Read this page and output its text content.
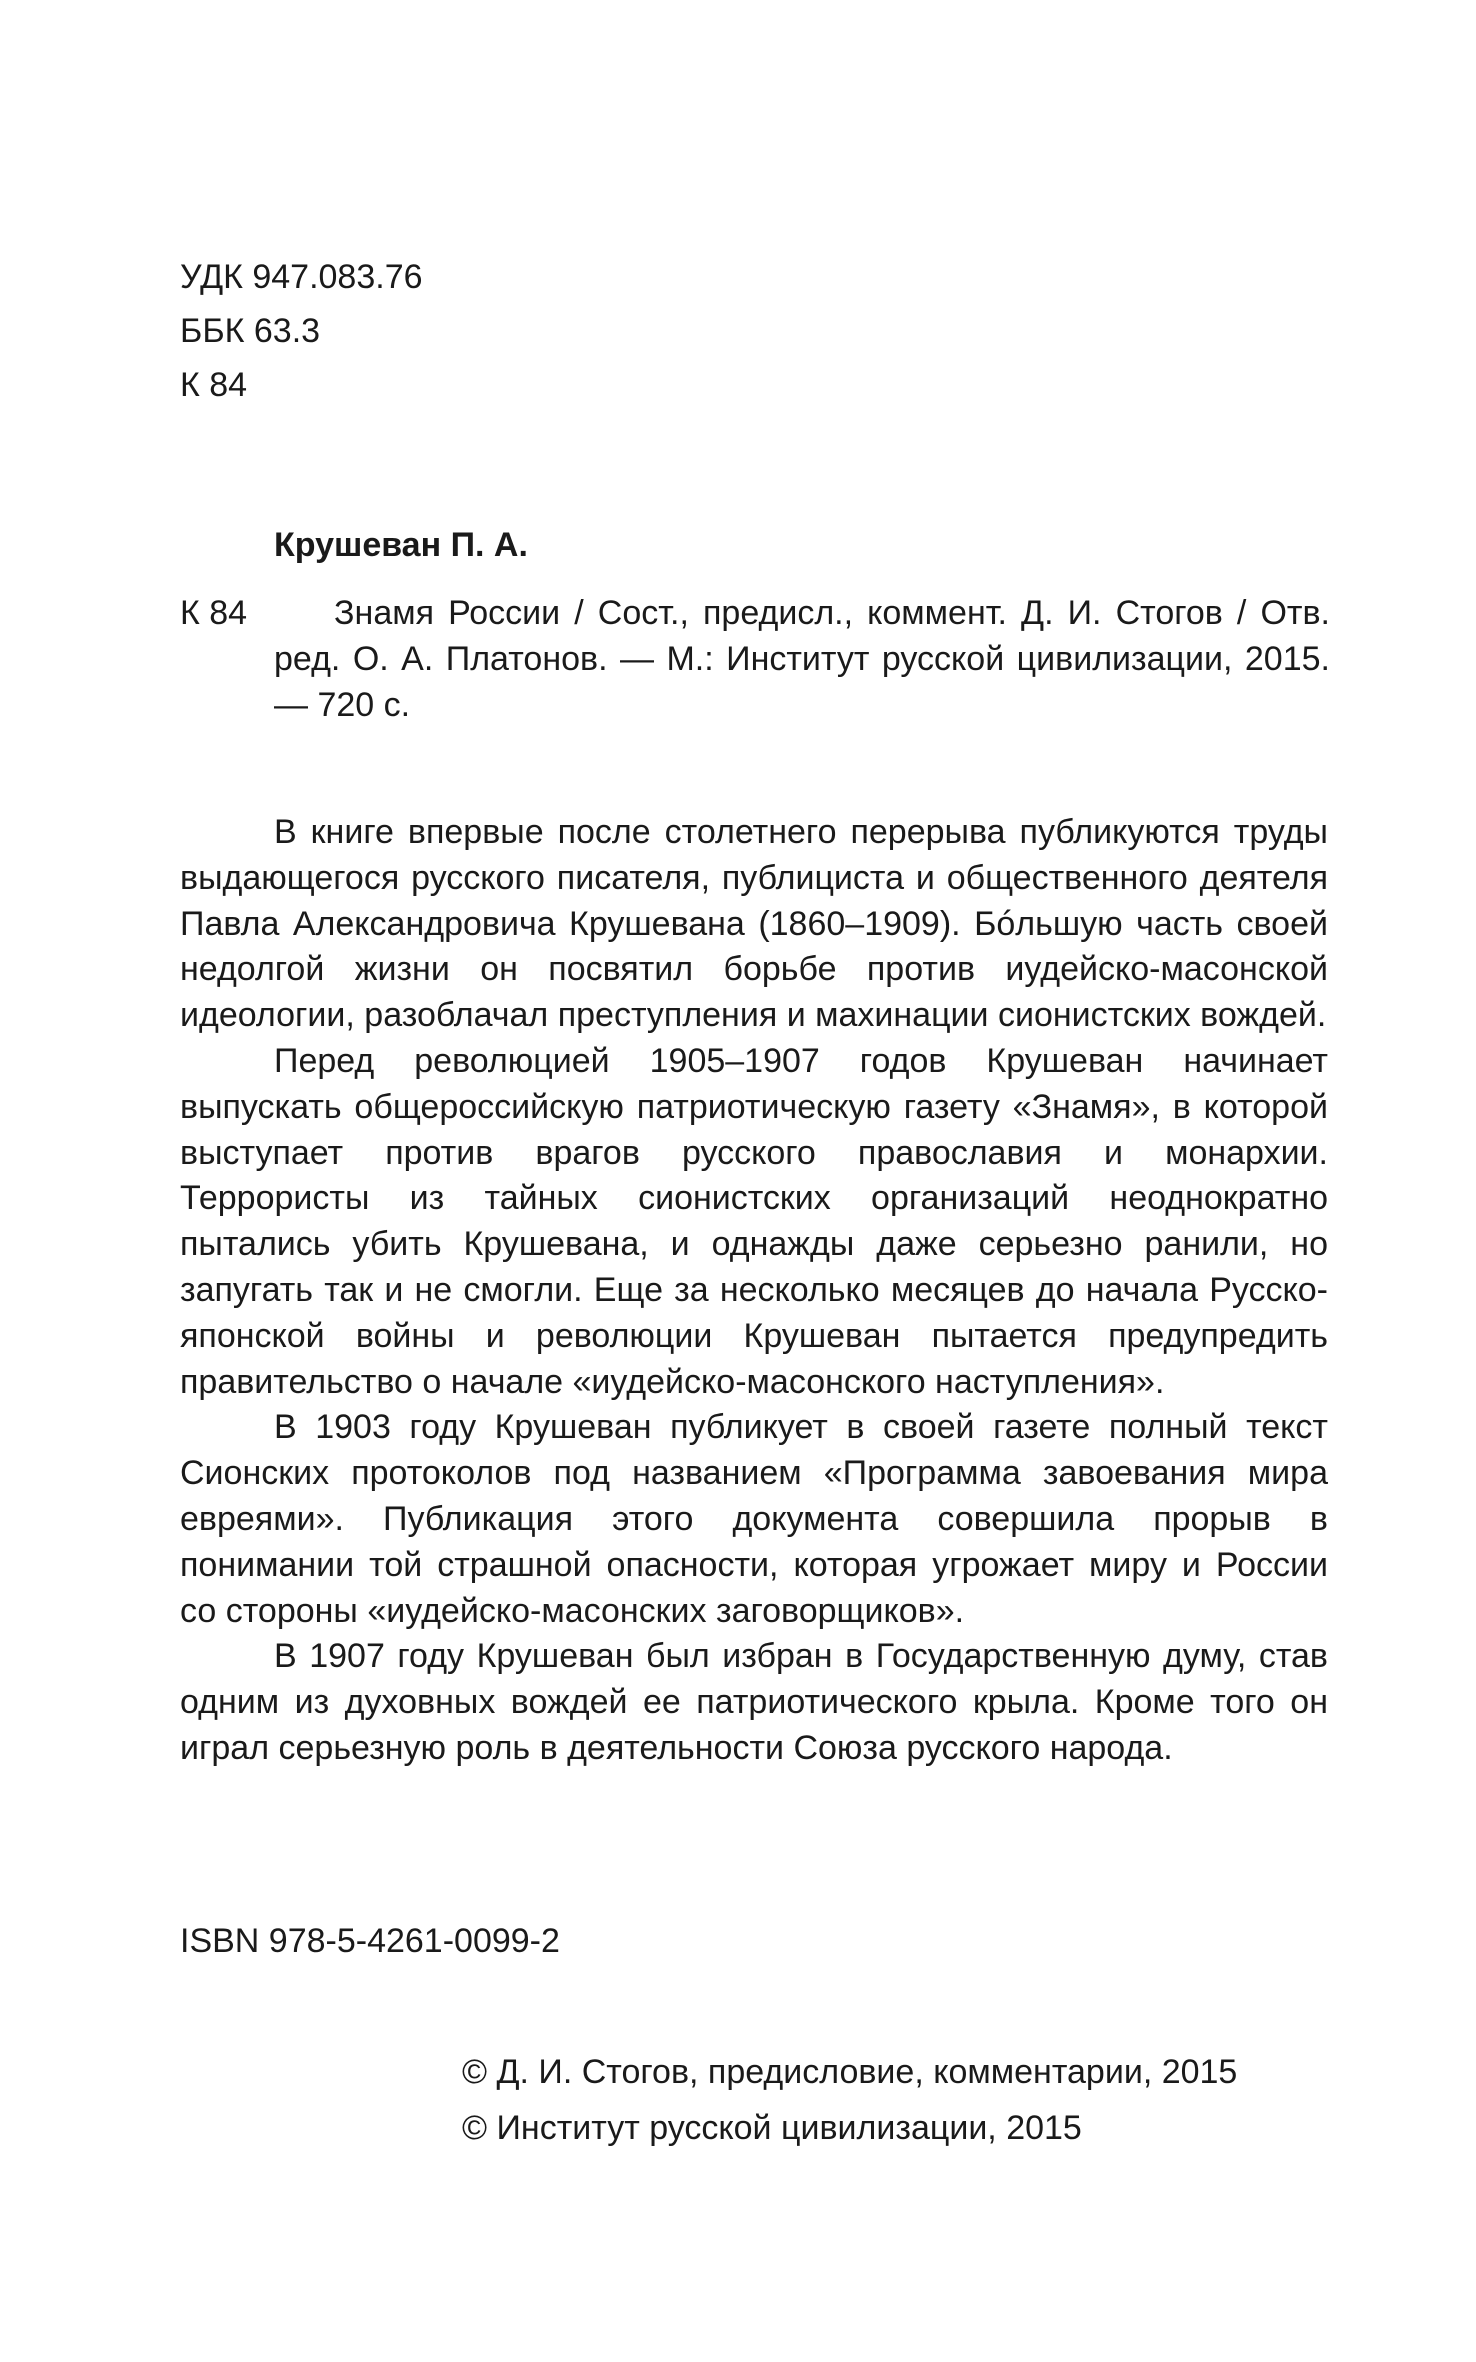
УДК 947.083.76
ББК 63.3
К 84
Крушеван П. А.
К 84	Знамя России / Сост., предисл., коммент. Д. И. Стогов / Отв. ред. О. А. Платонов. — М.: Институт русской цивилизации, 2015. — 720 с.

В книге впервые после столетнего перерыва публикуются труды выдающегося русского писателя, публициста и общественного деятеля Павла Александровича Крушевана (1860–1909). Бóльшую часть своей недолгой жизни он посвятил борьбе против иудейско-масонской идеологии, разоблачал преступления и махинации сионистских вождей.

Перед революцией 1905–1907 годов Крушеван начинает выпускать общероссийскую патриотическую газету «Знамя», в которой выступает против врагов русского православия и монархии. Террористы из тайных сионистских организаций неоднократно пытались убить Крушевана, и однажды даже серьезно ранили, но запугать так и не смогли. Еще за несколько месяцев до начала Русско-японской войны и революции Крушеван пытается предупредить правительство о начале «иудейско-масонского наступления».

В 1903 году Крушеван публикует в своей газете полный текст Сионских протоколов под названием «Программа завоевания мира евреями». Публикация этого документа совершила прорыв в понимании той страшной опасности, которая угрожает миру и России со стороны «иудейско-масонских заговорщиков».

В 1907 году Крушеван был избран в Государственную думу, став одним из духовных вождей ее патриотического крыла. Кроме того он играл серьезную роль в деятельности Союза русского народа.

ISBN 978-5-4261-0099-2
© Д. И. Стогов, предисловие, комментарии, 2015
© Институт русской цивилизации, 2015
